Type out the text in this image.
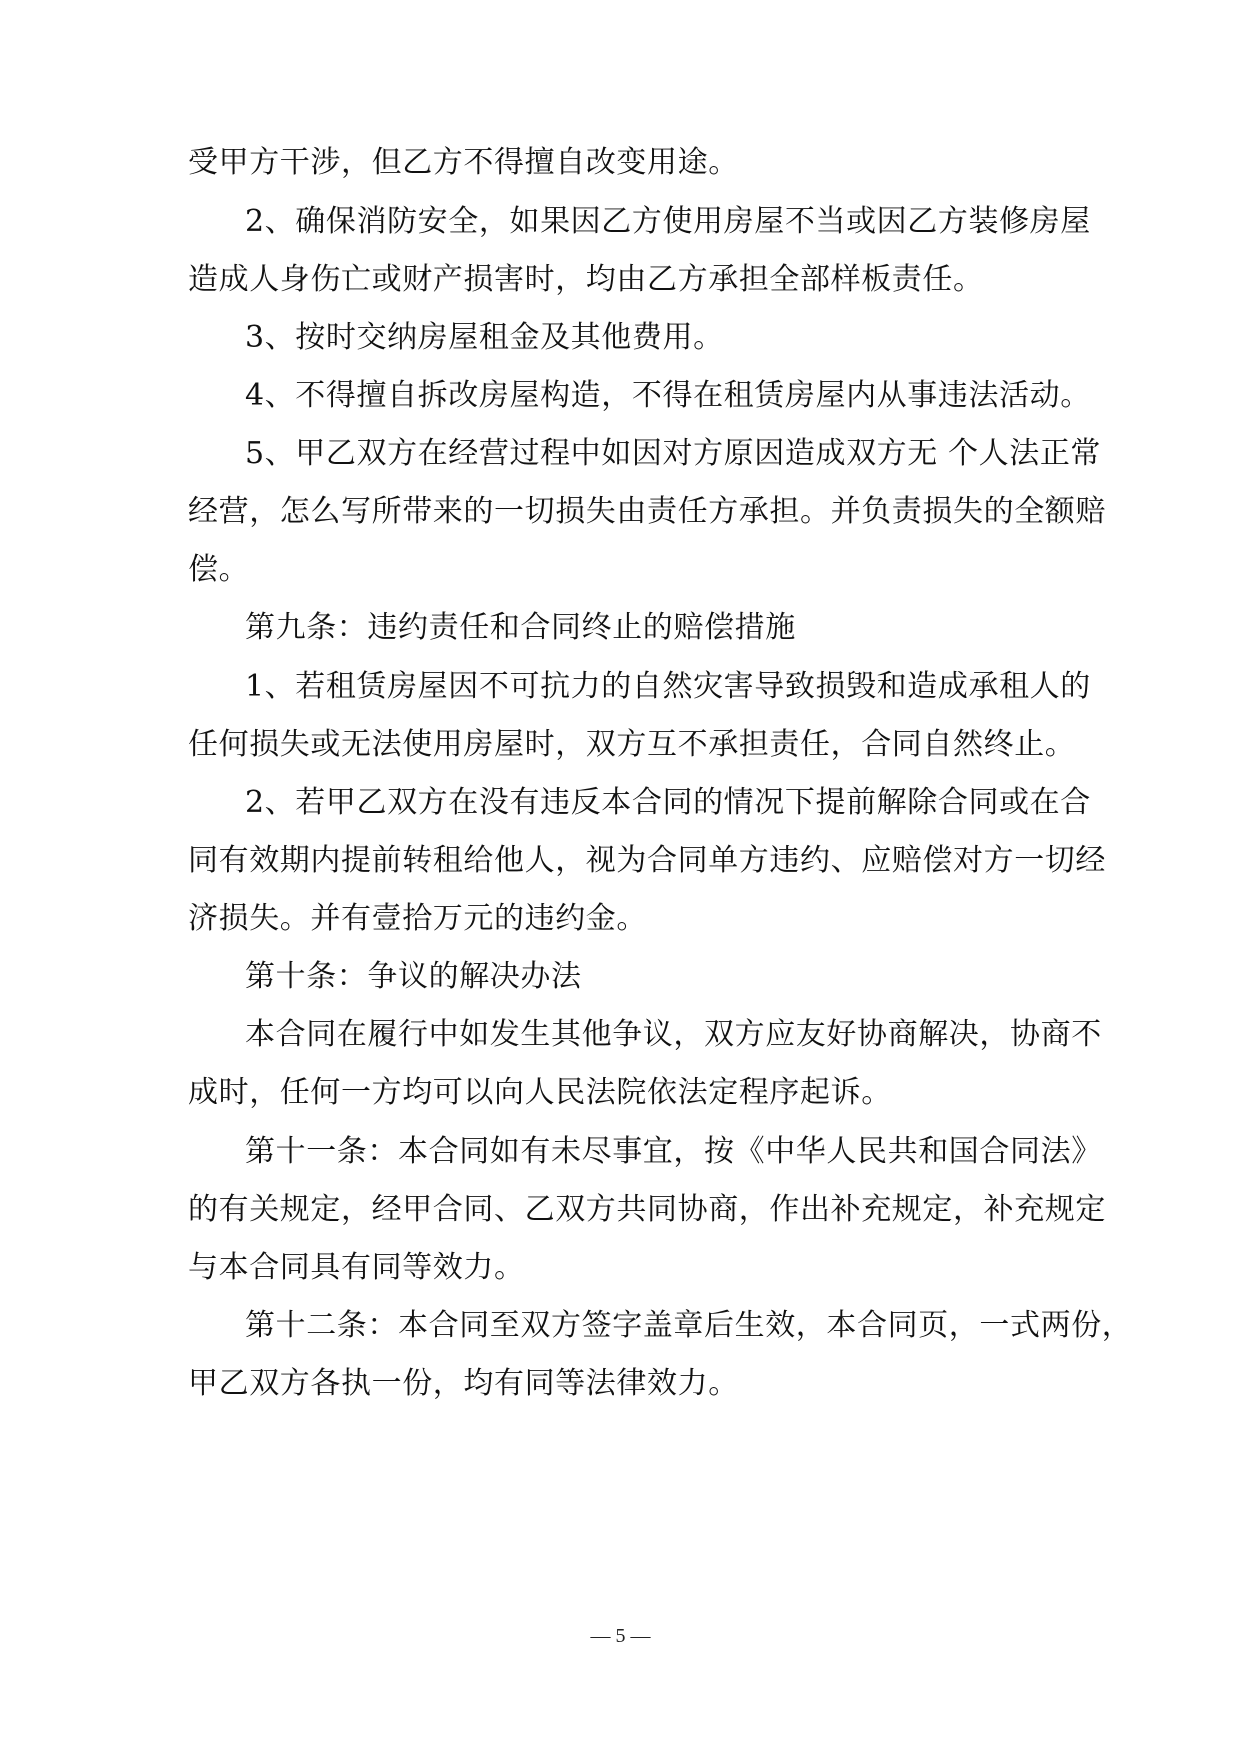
受甲方干涉，但乙方不得擅自改变用途。
2、确保消防安全，如果因乙方使用房屋不当或因乙方装修房屋
造成人身伤亡或财产损害时，均由乙方承担全部样板责任。
3、按时交纳房屋租金及其他费用。
4、不得擅自拆改房屋构造，不得在租赁房屋内从事违法活动。
5、甲乙双方在经营过程中如因对方原因造成双方无 个人法正常
经营，怎么写所带来的一切损失由责任方承担。并负责损失的全额赔
偿。
第九条：违约责任和合同终止的赔偿措施
1、若租赁房屋因不可抗力的自然灾害导致损毁和造成承租人的
任何损失或无法使用房屋时，双方互不承担责任，合同自然终止。
2、若甲乙双方在没有违反本合同的情况下提前解除合同或在合
同有效期内提前转租给他人，视为合同单方违约、应赔偿对方一切经
济损失。并有壹拾万元的违约金。
第十条：争议的解决办法
本合同在履行中如发生其他争议，双方应友好协商解决，协商不
成时，任何一方均可以向人民法院依法定程序起诉。
第十一条：本合同如有未尽事宜，按《中华人民共和国合同法》
的有关规定，经甲合同、乙双方共同协商，作出补充规定，补充规定
与本合同具有同等效力。
第十二条：本合同至双方签字盖章后生效，本合同页，一式两份，
甲乙双方各执一份，均有同等法律效力。
— 5 —
